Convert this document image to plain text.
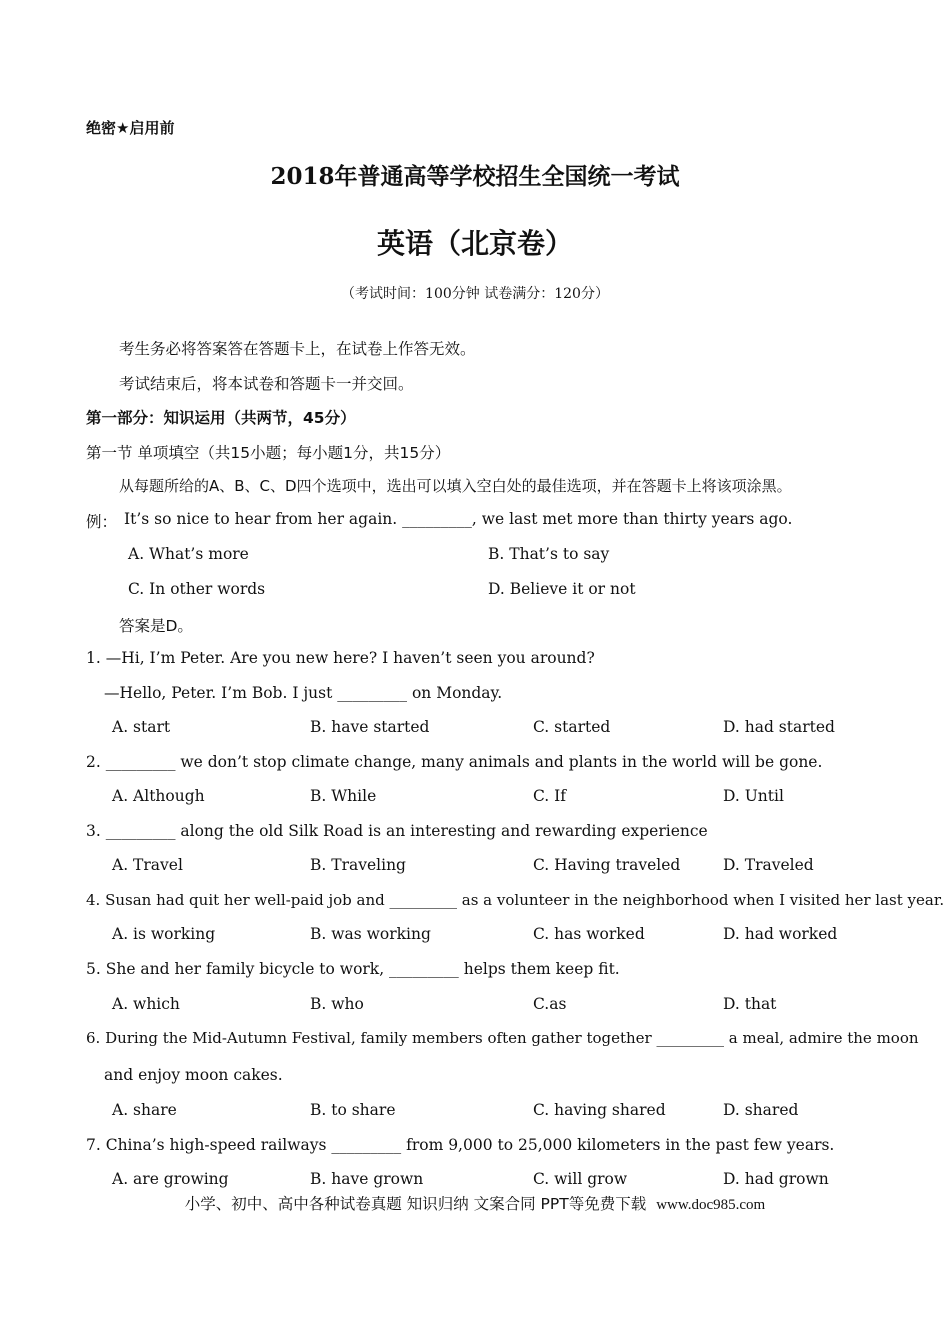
绝密★启用前
2018年普通高等学校招生全国统一考试
英语（北京卷）
（考试时间：100分钟 试卷满分：120分）
考生务必将答案答在答题卡上，在试卷上作答无效。
考试结束后，将本试卷和答题卡一并交回。
第一部分：知识运用（共两节，45分）
第一节 单项填空（共15小题；每小题1分，共15分）
从每题所给的A、B、C、D四个选项中，选出可以填入空白处的最佳选项，并在答题卡上将该项涂黑。
例： It’s so nice to hear from her again. _________, we last met more than thirty years ago.
A. What’s more	B. That’s to say
C. In other words	D. Believe it or not
答案是D。
1. —Hi, I’m Peter. Are you new here? I haven’t seen you around?
—Hello, Peter. I’m Bob. I just _________ on Monday.
A. start	B. have started	C. started	D. had started
2. _________ we don’t stop climate change, many animals and plants in the world will be gone.
A. Although	B. While	C. If	D. Until
3. _________ along the old Silk Road is an interesting and rewarding experience
A. Travel	B. Traveling	C. Having traveled	D. Traveled
4. Susan had quit her well-paid job and _________ as a volunteer in the neighborhood when I visited her last year.
A. is working	B. was working	C. has worked	D. had worked
5. She and her family bicycle to work, _________ helps them keep fit.
A. which	B. who	C.as	D. that
6. During the Mid-Autumn Festival, family members often gather together _________ a meal, admire the moon
and enjoy moon cakes.
A. share	B. to share	C. having shared	D. shared
7. China’s high-speed railways _________ from 9,000 to 25,000 kilometers in the past few years.
A. are growing	B. have grown	C. will grow	D. had grown
小学、初中、高中各种试卷真题 知识归纳 文案合同 PPT等免费下载 www.doc985.com
